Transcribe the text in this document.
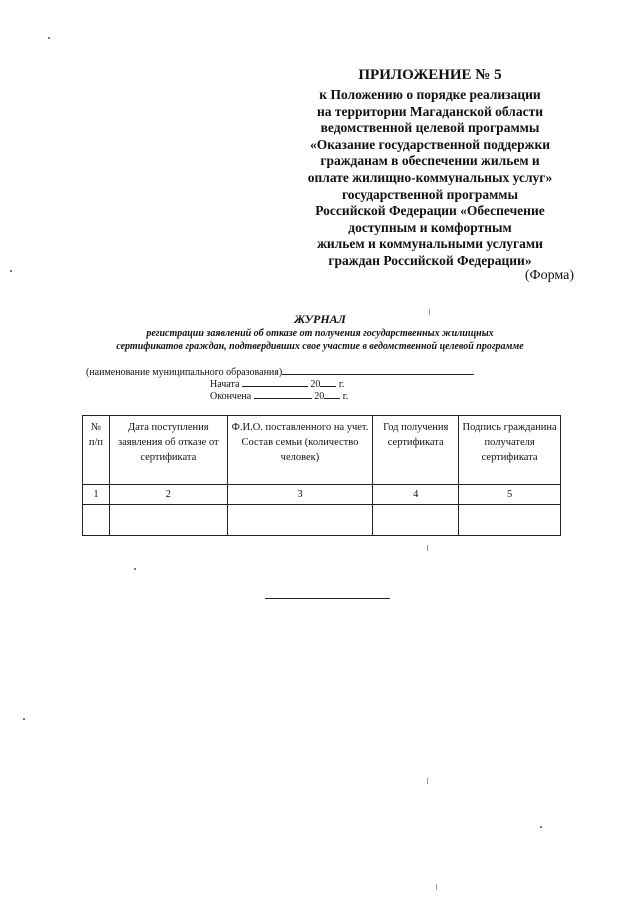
ПРИЛОЖЕНИЕ № 5
к Положению о порядке реализации
на территории Магаданской области
ведомственной целевой программы
«Оказание государственной поддержки
гражданам в обеспечении жильем и
оплате жилищно-коммунальных услуг»
государственной программы
Российской Федерации «Обеспечение
доступным и комфортным
жильем и коммунальными услугами
граждан Российской Федерации»
(Форма)
ЖУРНАЛ
регистрации заявлений об отказе от получения государственных жилищных
сертификатов граждан, подтвердивших свое участие в ведомственной целевой программе
(наименование муниципального образования)
Начата	20 г.
Окончена	20 г.
№ п/п	Дата поступления заявления об отказе от сертификата	Ф.И.О. поставленного на учет. Состав семьи (количество человек)	Год получения сертификата	Подпись гражданина получателя сертификата
1	2	3	4	5
